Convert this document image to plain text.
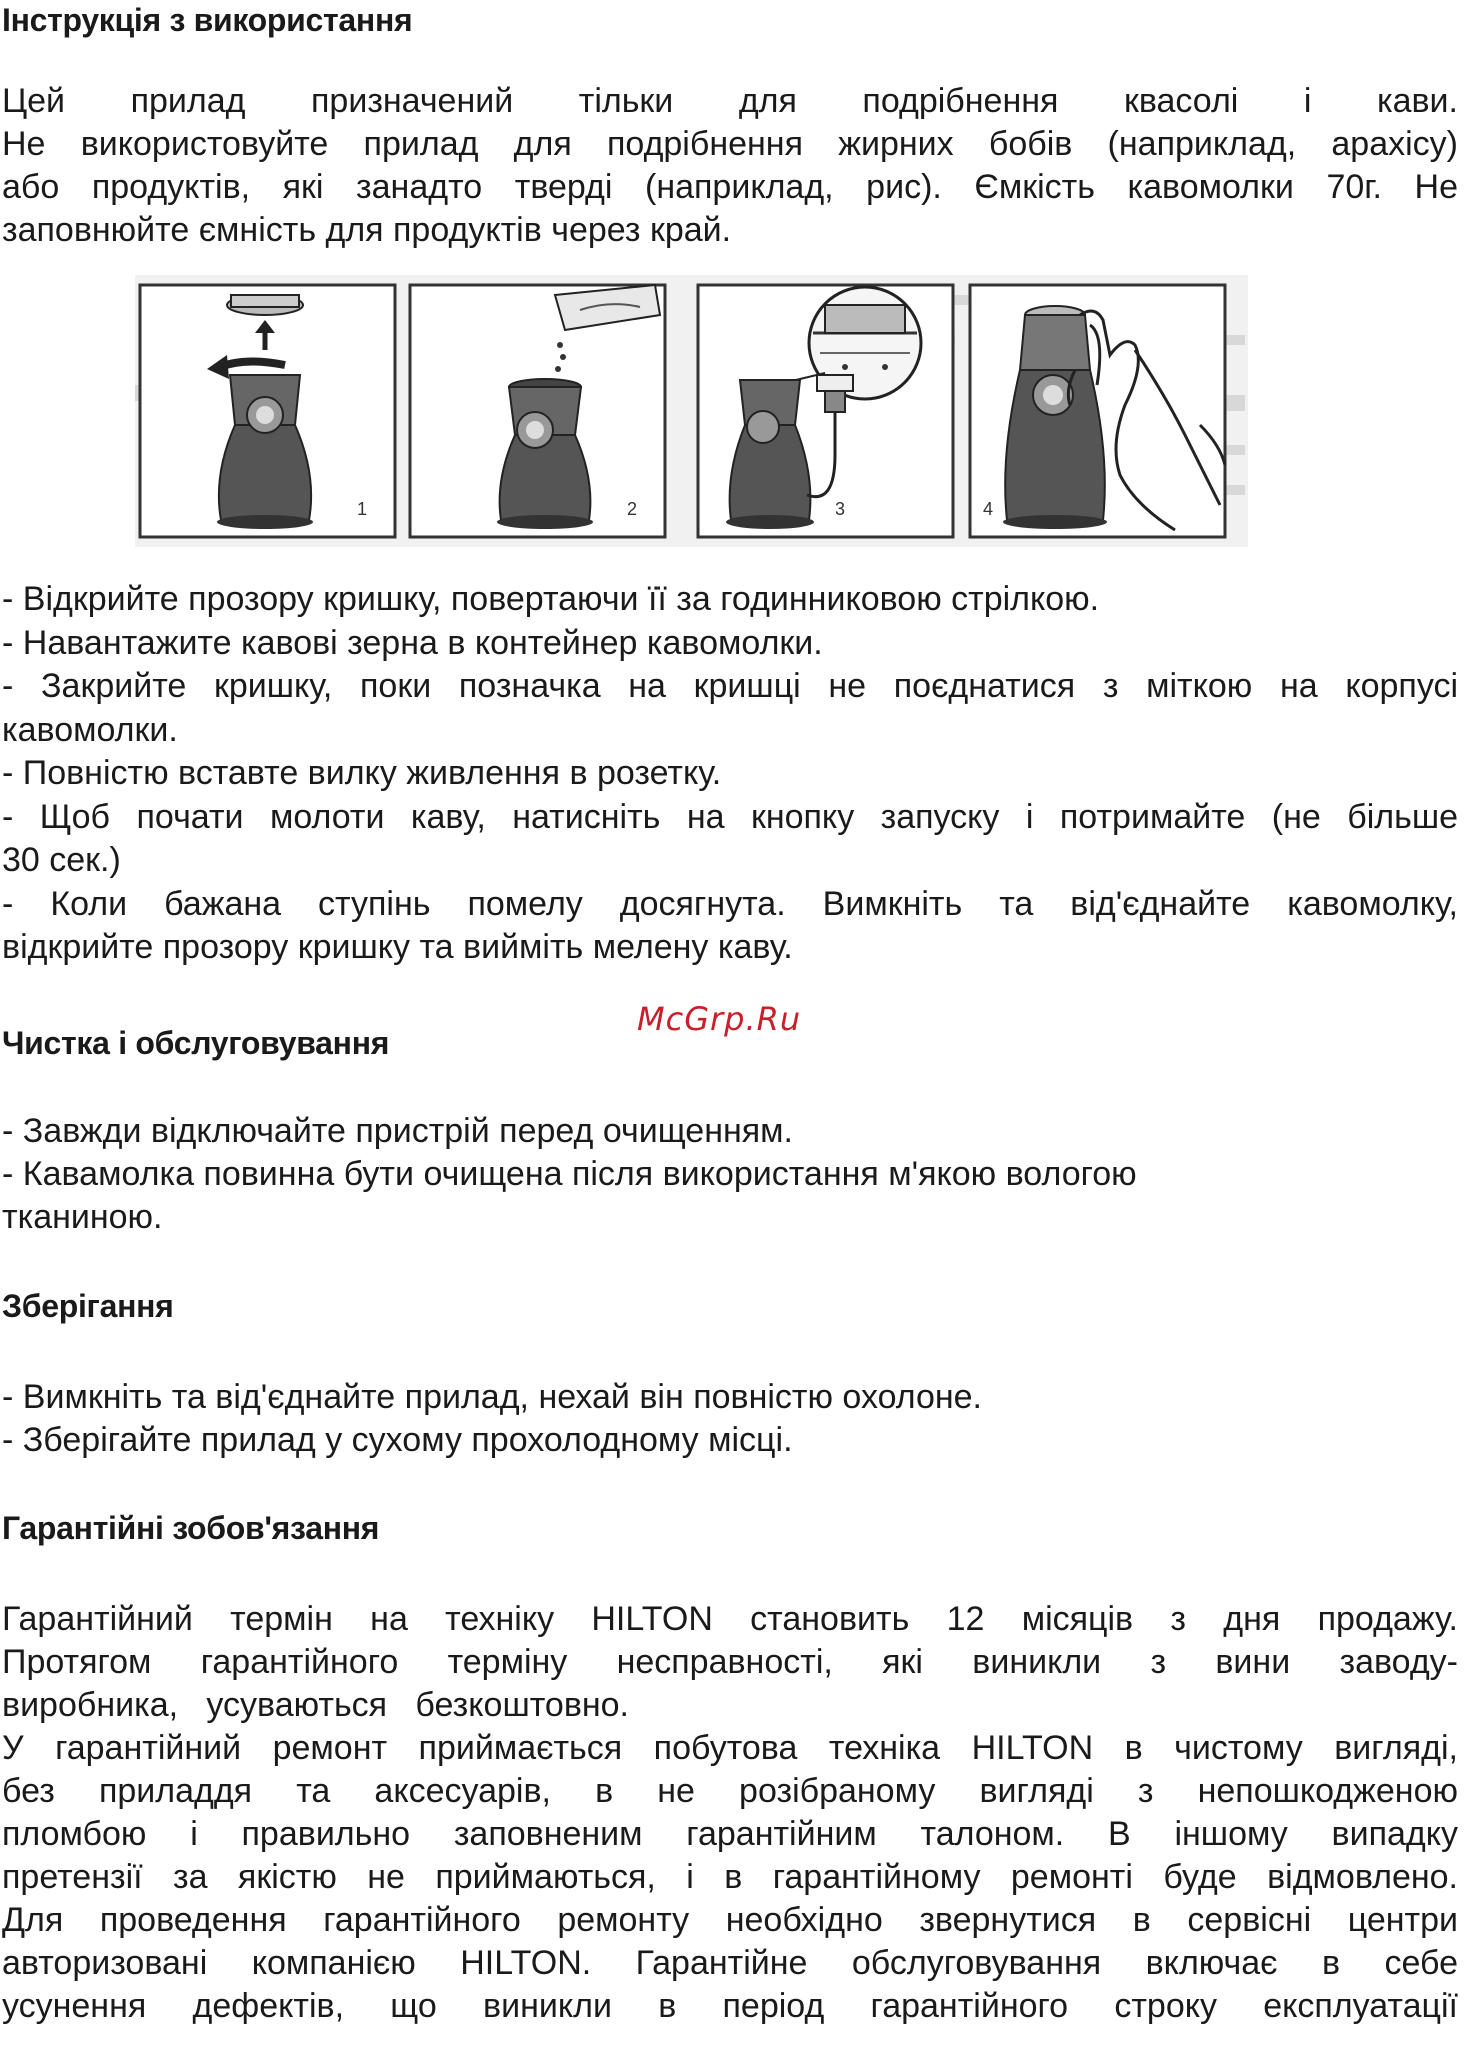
Інструкція з використання
Цей прилад призначений тільки для подрібнення квасолі і кави.
Не використовуйте прилад для подрібнення жирних бобів (наприклад, арахісу)
або продуктів, які занадто тверді (наприклад, рис). Ємкість кавомолки 70г. Не
заповнюйте ємність для продуктів через край.
1	2	3	4
- Відкрийте прозору кришку, повертаючи її за годинниковою стрілкою.
- Навантажите кавові зерна в контейнер кавомолки.
- Закрийте кришку, поки позначка на кришці не поєднатися з міткою на корпусі
кавомолки.
- Повністю вставте вилку живлення в розетку.
- Щоб почати молоти каву, натисніть на кнопку запуску і потримайте (не більше
30 сек.)
- Коли бажана ступінь помелу досягнута. Вимкніть та від'єднайте кавомолку,
відкрийте прозору кришку та вийміть мелену каву.
McGrp.Ru
Чистка і обслуговування
- Завжди відключайте пристрій перед очищенням.
- Кавамолка повинна бути очищена після використання м'якою вологою
тканиною.
Зберігання
- Вимкніть та від'єднайте прилад, нехай він повністю охолоне.
- Зберігайте прилад у сухому прохолодному місці.
Гарантійні зобов'язання
Гарантійний термін на техніку HILTON становить 12 місяців з дня продажу.
Протягом гарантійного терміну несправності, які виникли з вини заводу-
виробника,   усуваються   безкоштовно.
У гарантійний ремонт приймається побутова техніка HILTON в чистому вигляді,
без приладдя та аксесуарів, в не розібраному вигляді з непошкодженою
пломбою і правильно заповненим гарантійним талоном. В іншому випадку
претензії за якістю не приймаються, і в гарантійному ремонті буде відмовлено.
Для проведення гарантійного ремонту необхідно звернутися в сервісні центри
авторизовані компанією HILTON. Гарантійне обслуговування включає в себе
усунення дефектів, що виникли в період гарантійного строку експлуатації
